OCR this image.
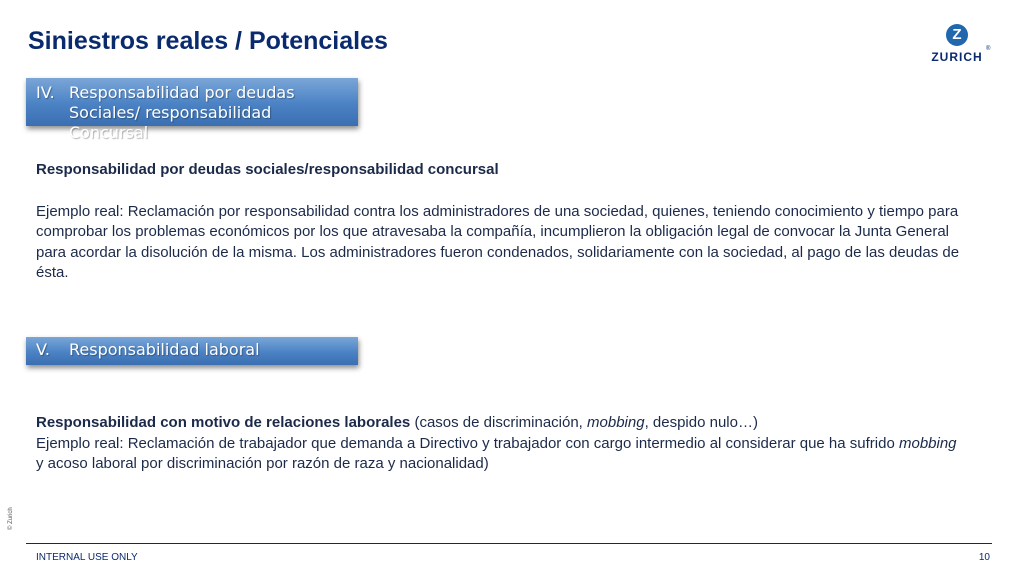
Siniestros reales / Potenciales	Z
ZURICH
®
IV. Responsabilidad por deudas Sociales/ responsabilidad Concursal

Responsabilidad por deudas sociales/responsabilidad concursal

Ejemplo real: Reclamación por responsabilidad contra los administradores de una sociedad, quienes, teniendo conocimiento y tiempo para comprobar los problemas económicos por los que atravesaba la compañía, incumplieron la obligación legal de convocar la Junta General para acordar la disolución de la misma. Los administradores fueron condenados, solidariamente con la sociedad, al pago de las deudas de ésta.

V. Responsabilidad laboral

Responsabilidad con motivo de relaciones laborales (casos de discriminación, mobbing, despido nulo…)

Ejemplo real: Reclamación de trabajador que demanda a Directivo y trabajador con cargo intermedio al considerar que ha sufrido mobbing y acoso laboral por discriminación por razón de raza y nacionalidad)

© Zurich
INTERNAL USE ONLY	10
